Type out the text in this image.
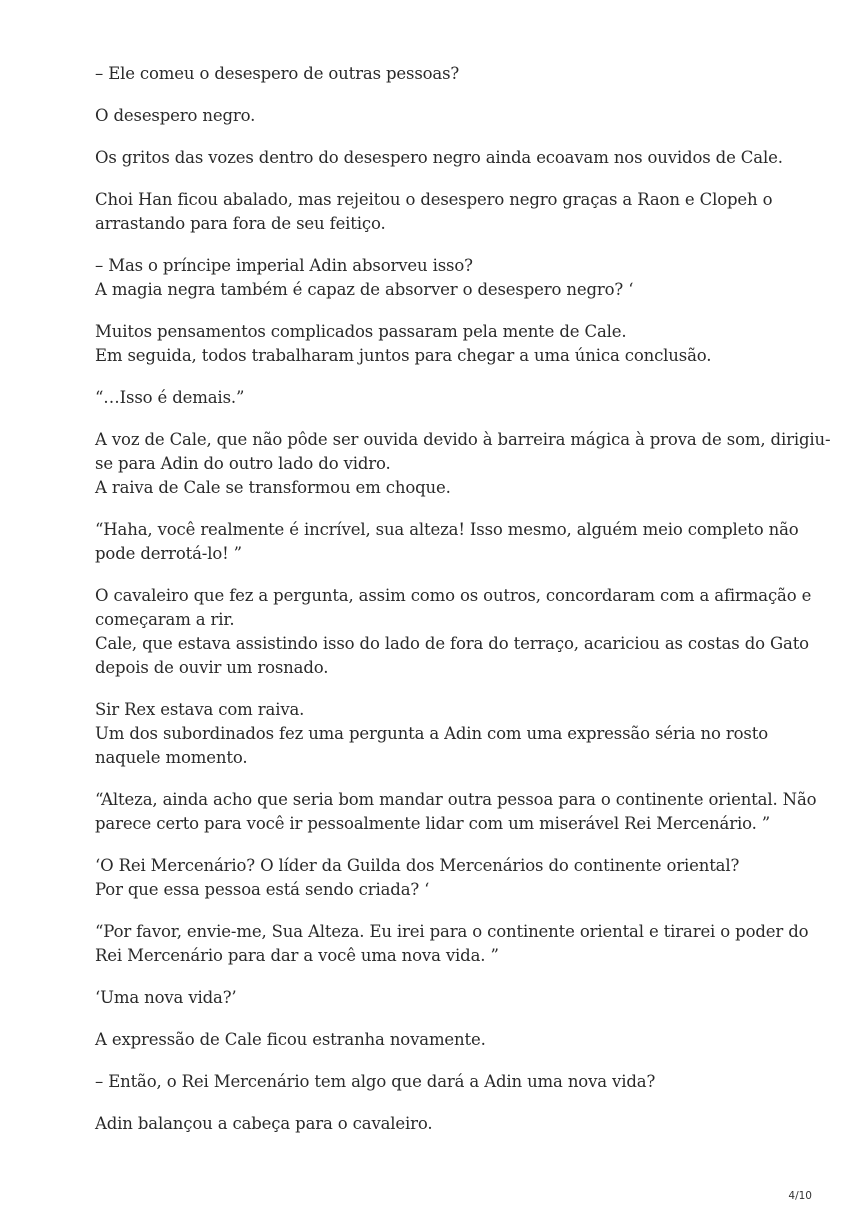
– Ele comeu o desespero de outras pessoas?

O desespero negro.

Os gritos das vozes dentro do desespero negro ainda ecoavam nos ouvidos de Cale.

Choi Han ficou abalado, mas rejeitou o desespero negro graças a Raon e Clopeh o
arrastando para fora de seu feitiço.

– Mas o príncipe imperial Adin absorveu isso?
A magia negra também é capaz de absorver o desespero negro? ‘

Muitos pensamentos complicados passaram pela mente de Cale.
Em seguida, todos trabalharam juntos para chegar a uma única conclusão.

“…Isso é demais.”

A voz de Cale, que não pôde ser ouvida devido à barreira mágica à prova de som, dirigiu-
se para Adin do outro lado do vidro.
A raiva de Cale se transformou em choque.

“Haha, você realmente é incrível, sua alteza! Isso mesmo, alguém meio completo não
pode derrotá-lo! ”

O cavaleiro que fez a pergunta, assim como os outros, concordaram com a afirmação e
começaram a rir.
Cale, que estava assistindo isso do lado de fora do terraço, acariciou as costas do Gato
depois de ouvir um rosnado.

Sir Rex estava com raiva.
Um dos subordinados fez uma pergunta a Adin com uma expressão séria no rosto
naquele momento.

“Alteza, ainda acho que seria bom mandar outra pessoa para o continente oriental. Não
parece certo para você ir pessoalmente lidar com um miserável Rei Mercenário. ”

‘O Rei Mercenário? O líder da Guilda dos Mercenários do continente oriental?
Por que essa pessoa está sendo criada? ‘

“Por favor, envie-me, Sua Alteza. Eu irei para o continente oriental e tirarei o poder do
Rei Mercenário para dar a você uma nova vida. ”

‘Uma nova vida?’

A expressão de Cale ficou estranha novamente.

– Então, o Rei Mercenário tem algo que dará a Adin uma nova vida?

Adin balançou a cabeça para o cavaleiro.

4/10
